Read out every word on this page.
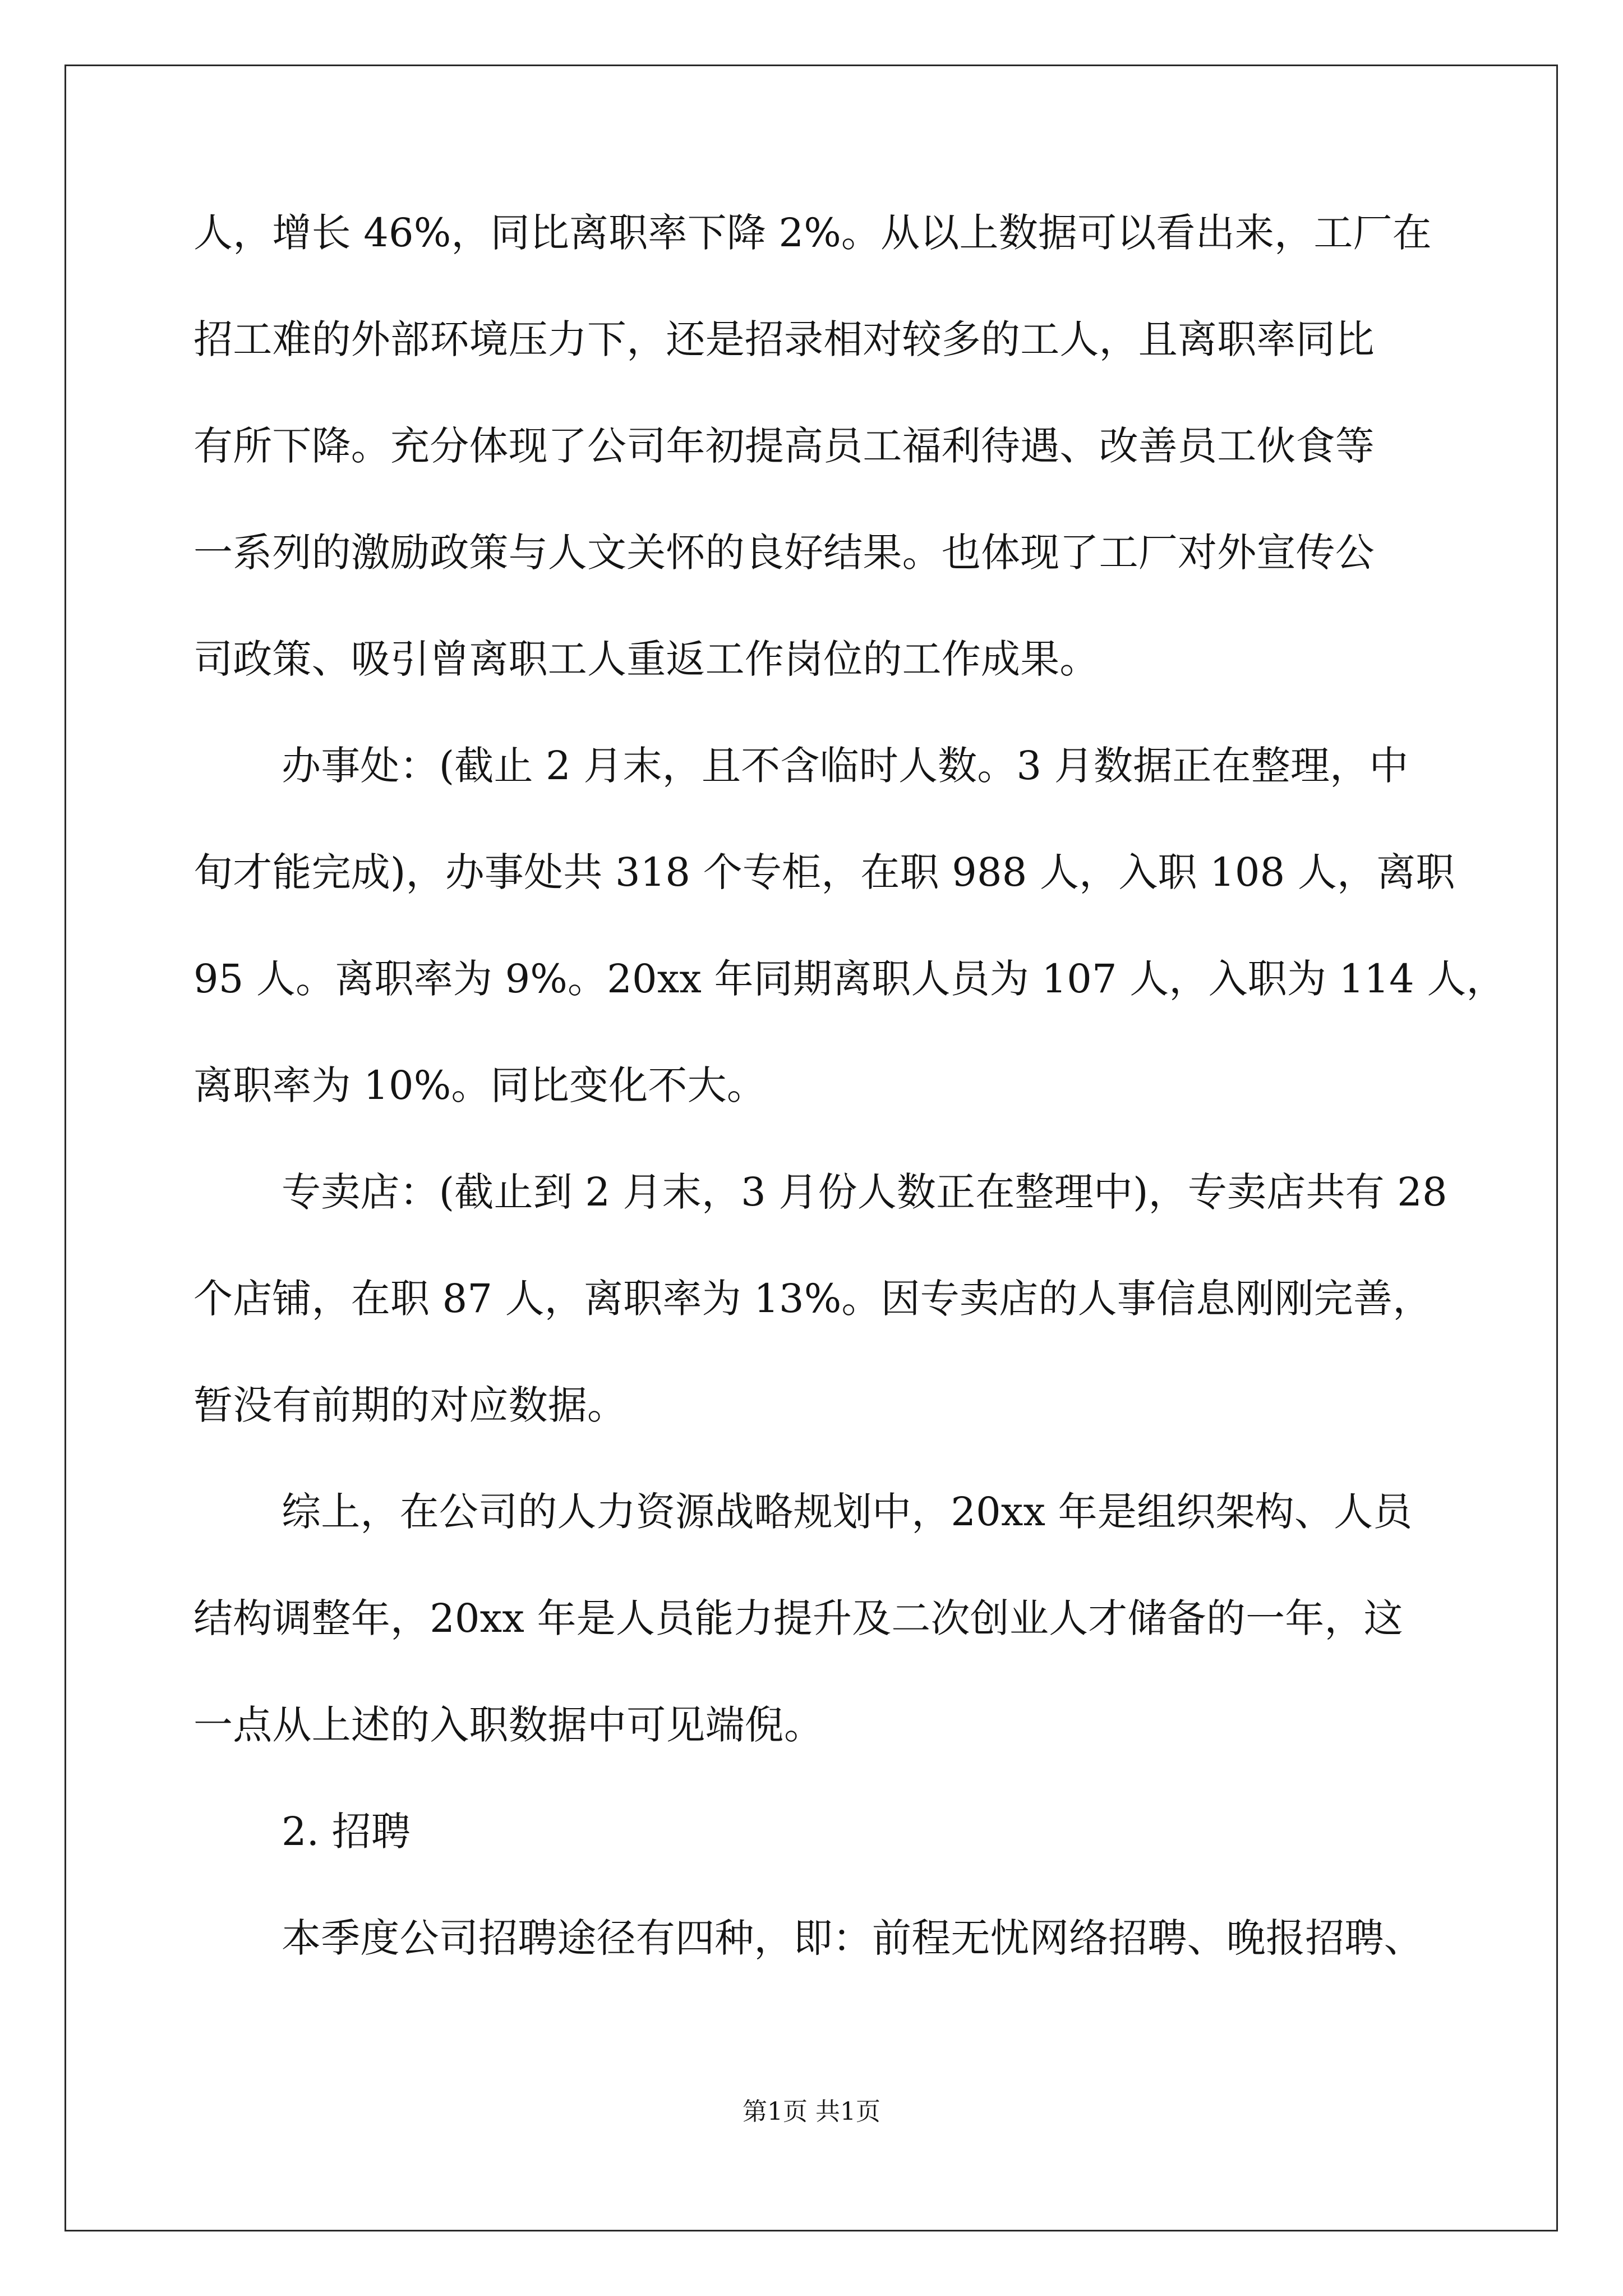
人，增长 46%，同比离职率下降 2%。从以上数据可以看出来，工厂在
招工难的外部环境压力下，还是招录相对较多的工人，且离职率同比
有所下降。充分体现了公司年初提高员工福利待遇、改善员工伙食等
一系列的激励政策与人文关怀的良好结果。也体现了工厂对外宣传公
司政策、吸引曾离职工人重返工作岗位的工作成果。
办事处：(截止 2 月末，且不含临时人数。3 月数据正在整理，中
旬才能完成)，办事处共 318 个专柜，在职 988 人，入职 108 人，离职
95 人。离职率为 9%。20xx 年同期离职人员为 107 人，入职为 114 人，
离职率为 10%。同比变化不大。
专卖店：(截止到 2 月末，3 月份人数正在整理中)，专卖店共有 28
个店铺，在职 87 人，离职率为 13%。因专卖店的人事信息刚刚完善，
暂没有前期的对应数据。
综上，在公司的人力资源战略规划中，20xx 年是组织架构、人员
结构调整年，20xx 年是人员能力提升及二次创业人才储备的一年，这
一点从上述的入职数据中可见端倪。
2. 招聘
本季度公司招聘途径有四种，即：前程无忧网络招聘、晚报招聘、
第1页 共1页
